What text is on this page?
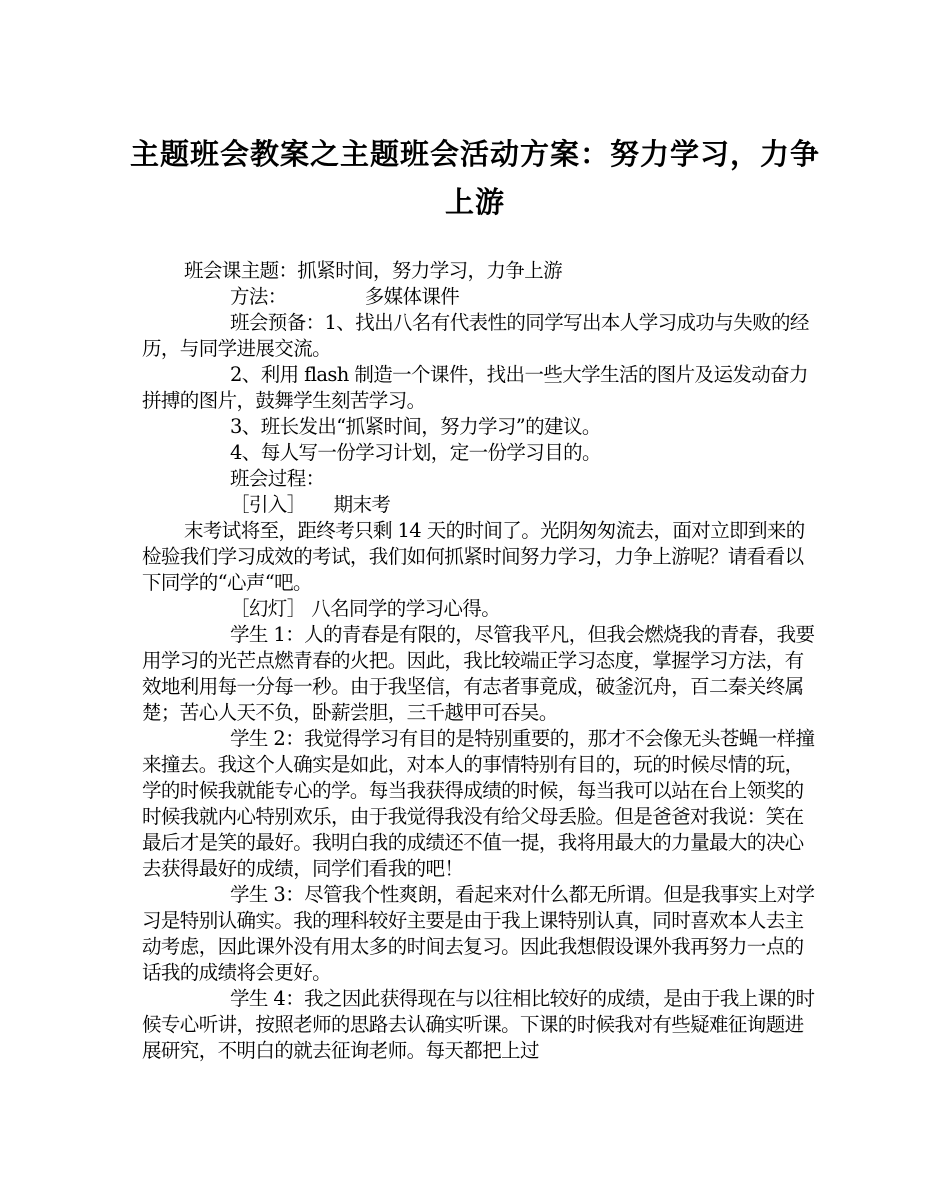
主题班会教案之主题班会活动方案：努力学习，力争上游

班会课主题：抓紧时间，努力学习，力争上游

方法：	多媒体课件

班会预备：1、找出八名有代表性的同学写出本人学习成功与失败的经历，与同学进展交流。

2、利用 flash 制造一个课件，找出一些大学生活的图片及运发动奋力拼搏的图片，鼓舞学生刻苦学习。

3、班长发出“抓紧时间，努力学习”的建议。

4、每人写一份学习计划，定一份学习目的。

班会过程：

［引入］ 期末考

末考试将至，距终考只剩 14 天的时间了。光阴匆匆流去，面对立即到来的检验我们学习成效的考试，我们如何抓紧时间努力学习，力争上游呢？请看看以下同学的“心声“吧。

［幻灯］ 八名同学的学习心得。

学生 1：人的青春是有限的，尽管我平凡，但我会燃烧我的青春，我要用学习的光芒点燃青春的火把。因此，我比较端正学习态度，掌握学习方法，有效地利用每一分每一秒。由于我坚信，有志者事竟成，破釜沉舟，百二秦关终属楚；苦心人天不负，卧薪尝胆，三千越甲可吞吴。

学生 2：我觉得学习有目的是特别重要的，那才不会像无头苍蝇一样撞来撞去。我这个人确实是如此，对本人的事情特别有目的，玩的时候尽情的玩，学的时候我就能专心的学。每当我获得成绩的时候，每当我可以站在台上领奖的时候我就内心特别欢乐，由于我觉得我没有给父母丢脸。但是爸爸对我说：笑在最后才是笑的最好。我明白我的成绩还不值一提，我将用最大的力量最大的决心去获得最好的成绩，同学们看我的吧！

学生 3：尽管我个性爽朗，看起来对什么都无所谓。但是我事实上对学习是特别认确实。我的理科较好主要是由于我上课特别认真，同时喜欢本人去主动考虑，因此课外没有用太多的时间去复习。因此我想假设课外我再努力一点的话我的成绩将会更好。

学生 4：我之因此获得现在与以往相比较好的成绩，是由于我上课的时候专心听讲，按照老师的思路去认确实听课。下课的时候我对有些疑难征询题进展研究，不明白的就去征询老师。每天都把上过
